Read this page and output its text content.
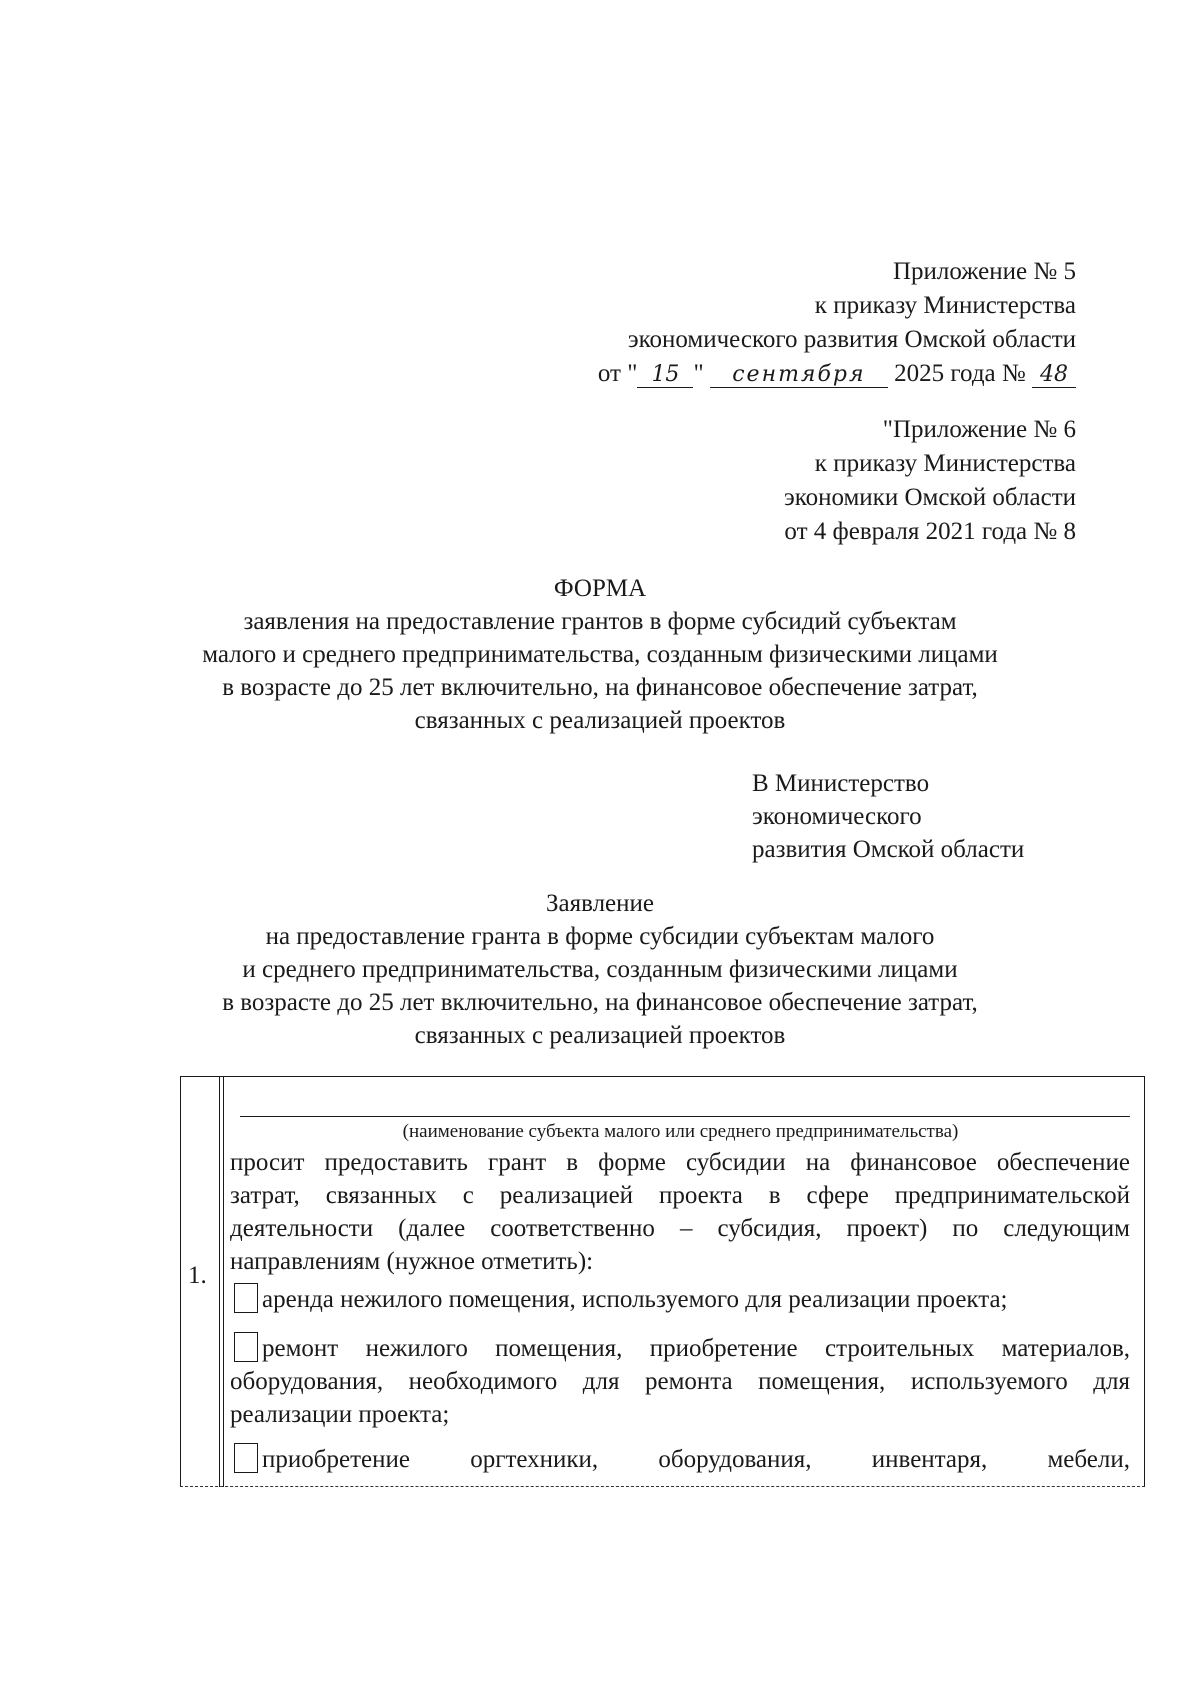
Приложение № 5
к приказу Министерства
экономического развития Омской области
от " 15 " сентября 2025 года № 48
"Приложение № 6
к приказу Министерства
экономики Омской области
от 4 февраля 2021 года № 8
ФОРМА
заявления на предоставление грантов в форме субсидий субъектам
малого и среднего предпринимательства, созданным физическими лицами
в возрасте до 25 лет включительно, на финансовое обеспечение затрат,
связанных с реализацией проектов
В Министерство
экономического
развития Омской области
Заявление
на предоставление гранта в форме субсидии субъектам малого
и среднего предпринимательства, созданным физическими лицами
в возрасте до 25 лет включительно, на финансовое обеспечение затрат,
связанных с реализацией проектов
1.
(наименование субъекта малого или среднего предпринимательства)
просит предоставить грант в форме субсидии на финансовое обеспечение
затрат, связанных с реализацией проекта в сфере предпринимательской
деятельности (далее соответственно – субсидия, проект) по следующим
направлениям (нужное отметить):
аренда нежилого помещения, используемого для реализации проекта;
ремонт нежилого помещения, приобретение строительных материалов,
оборудования, необходимого для ремонта помещения, используемого для
реализации проекта;
приобретение оргтехники, оборудования, инвентаря, мебели,
